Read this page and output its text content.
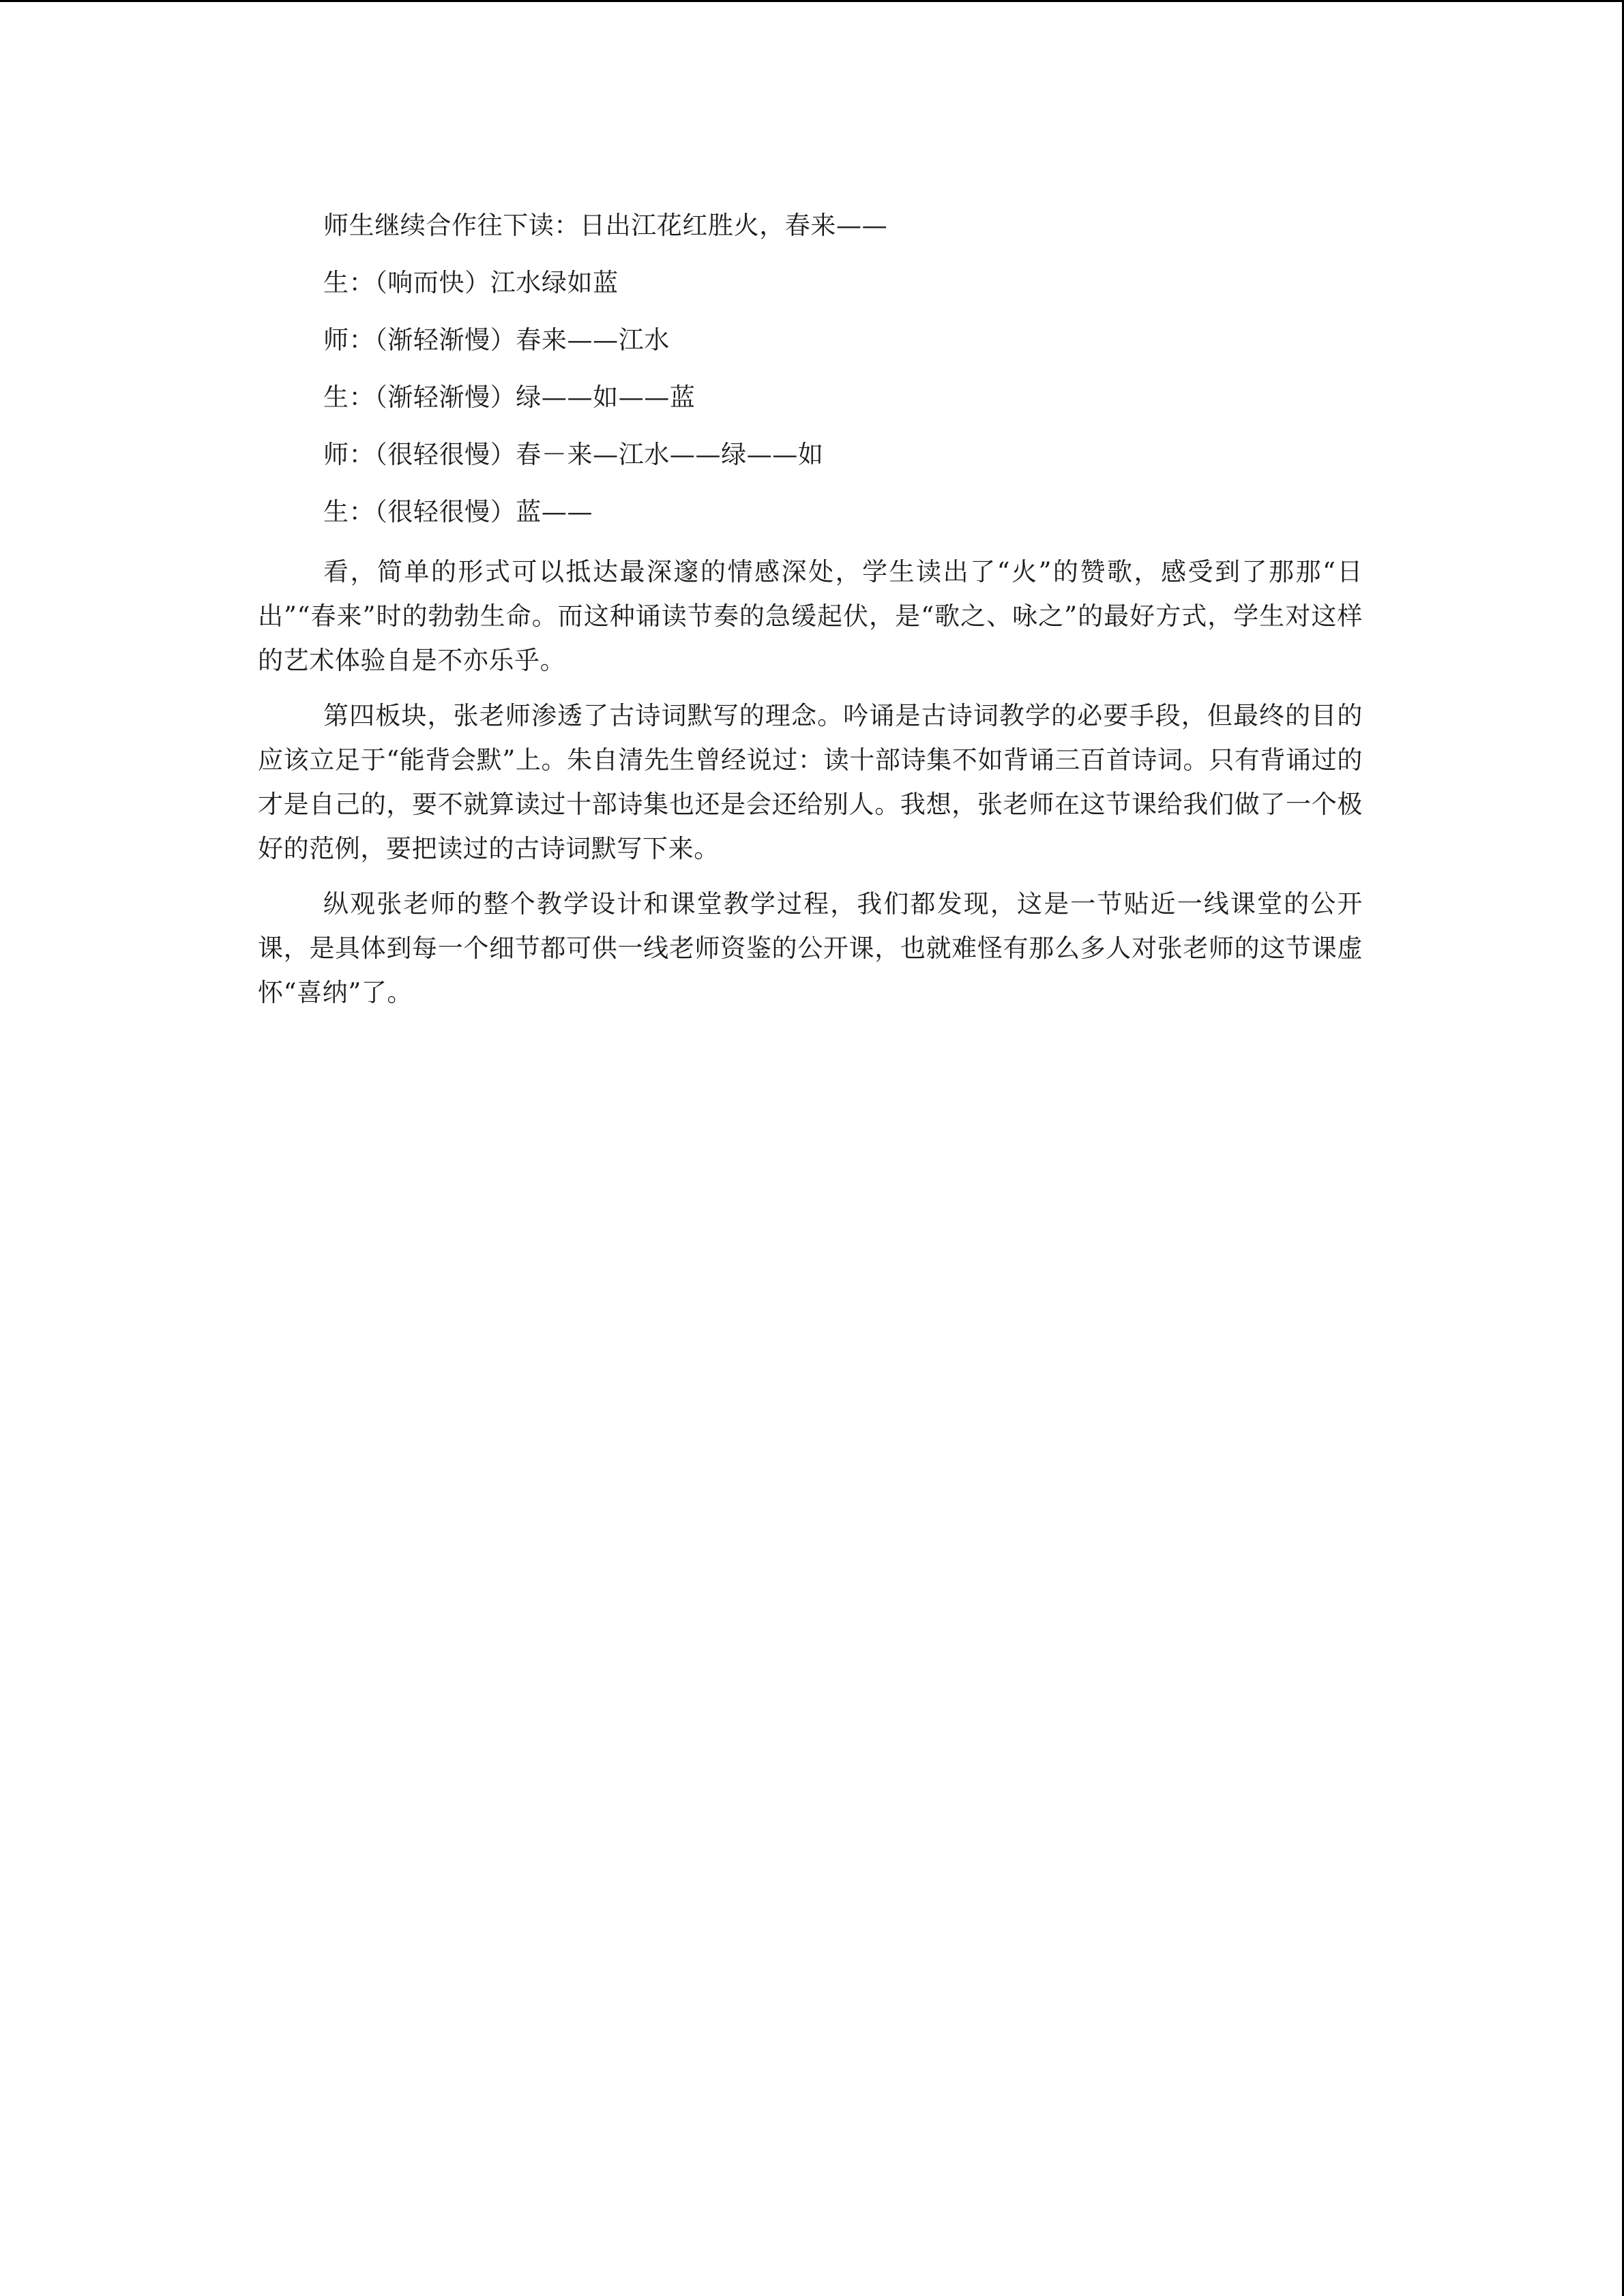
师生继续合作往下读：日出江花红胜火，春来——

生：（响而快）江水绿如蓝

师：（渐轻渐慢）春来——江水

生：（渐轻渐慢）绿——如——蓝

师：（很轻很慢）春－来—江水——绿——如

生：（很轻很慢）蓝——

看，简单的形式可以抵达最深邃的情感深处，学生读出了“火”的赞歌，感受到了那那“日出”“春来”时的勃勃生命。而这种诵读节奏的急缓起伏，是“歌之、咏之”的最好方式，学生对这样的艺术体验自是不亦乐乎。

第四板块，张老师渗透了古诗词默写的理念。吟诵是古诗词教学的必要手段，但最终的目的应该立足于“能背会默”上。朱自清先生曾经说过：读十部诗集不如背诵三百首诗词。只有背诵过的才是自己的，要不就算读过十部诗集也还是会还给别人。我想，张老师在这节课给我们做了一个极好的范例，要把读过的古诗词默写下来。

纵观张老师的整个教学设计和课堂教学过程，我们都发现，这是一节贴近一线课堂的公开课，是具体到每一个细节都可供一线老师资鉴的公开课，也就难怪有那么多人对张老师的这节课虚怀“喜纳”了。
